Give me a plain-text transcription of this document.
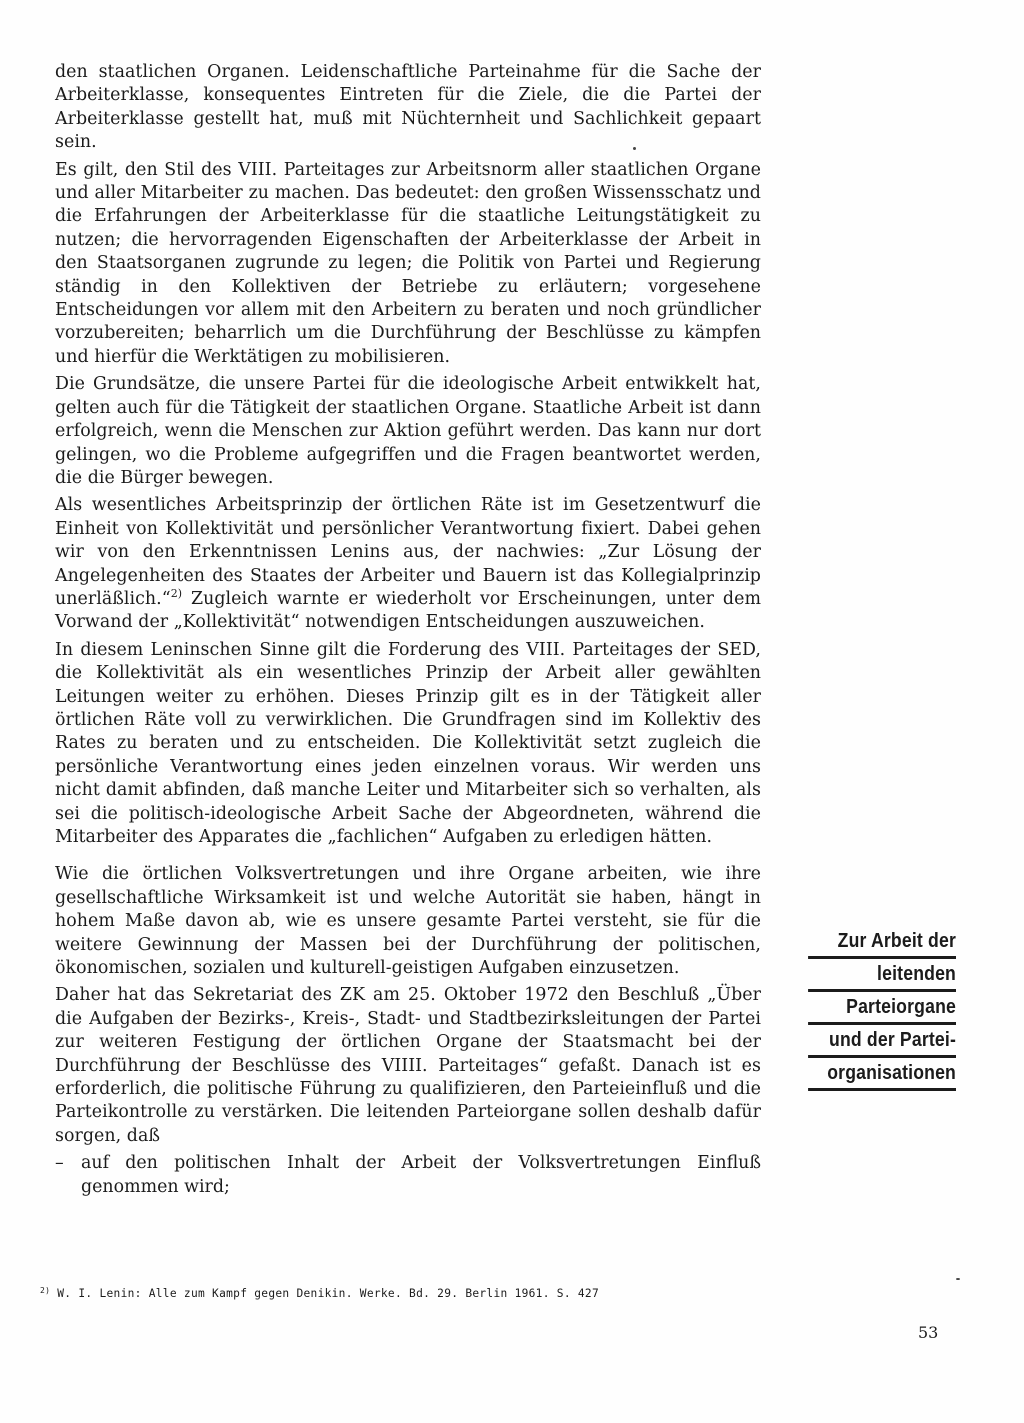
den staatlichen Organen. Leidenschaftliche Parteinahme für die Sache der Arbeiterklasse, konsequentes Eintreten für die Ziele, die die Partei der Arbeiterklasse gestellt hat, muß mit Nüchternheit und Sachlichkeit gepaart sein.

Es gilt, den Stil des VIII. Parteitages zur Arbeitsnorm aller staatlichen Organe und aller Mitarbeiter zu machen. Das bedeutet: den großen Wissensschatz und die Erfahrungen der Arbeiterklasse für die staatliche Leitungstätigkeit zu nutzen; die hervorragenden Eigenschaften der Arbeiterklasse der Arbeit in den Staatsorganen zugrunde zu legen; die Politik von Partei und Regierung ständig in den Kollektiven der Betriebe zu erläutern; vorgesehene Entscheidungen vor allem mit den Arbeitern zu beraten und noch gründlicher vorzubereiten; beharrlich um die Durchführung der Beschlüsse zu kämpfen und hierfür die Werktätigen zu mobilisieren.

Die Grundsätze, die unsere Partei für die ideologische Arbeit entwikkelt hat, gelten auch für die Tätigkeit der staatlichen Organe. Staatliche Arbeit ist dann erfolgreich, wenn die Menschen zur Aktion geführt werden. Das kann nur dort gelingen, wo die Probleme aufgegriffen und die Fragen beantwortet werden, die die Bürger bewegen.

Als wesentliches Arbeitsprinzip der örtlichen Räte ist im Gesetzentwurf die Einheit von Kollektivität und persönlicher Verantwortung fixiert. Dabei gehen wir von den Erkenntnissen Lenins aus, der nachwies: „Zur Lösung der Angelegenheiten des Staates der Arbeiter und Bauern ist das Kollegialprinzip unerläßlich.“$^{2)}$ Zugleich warnte er wiederholt vor Erscheinungen, unter dem Vorwand der „Kollektivität“ notwendigen Entscheidungen auszuweichen.

In diesem Leninschen Sinne gilt die Forderung des VIII. Parteitages der SED, die Kollektivität als ein wesentliches Prinzip der Arbeit aller gewählten Leitungen weiter zu erhöhen. Dieses Prinzip gilt es in der Tätigkeit aller örtlichen Räte voll zu verwirklichen. Die Grundfragen sind im Kollektiv des Rates zu beraten und zu entscheiden. Die Kollektivität setzt zugleich die persönliche Verantwortung eines jeden einzelnen voraus. Wir werden uns nicht damit abfinden, daß manche Leiter und Mitarbeiter sich so verhalten, als sei die politisch-ideologische Arbeit Sache der Abgeordneten, während die Mitarbeiter des Apparates die „fachlichen“ Aufgaben zu erledigen hätten.

Wie die örtlichen Volksvertretungen und ihre Organe arbeiten, wie ihre gesellschaftliche Wirksamkeit ist und welche Autorität sie haben, hängt in hohem Maße davon ab, wie es unsere gesamte Partei versteht, sie für die weitere Gewinnung der Massen bei der Durchführung der politischen, ökonomischen, sozialen und kulturell-geistigen Aufgaben einzusetzen.

Daher hat das Sekretariat des ZK am 25. Oktober 1972 den Beschluß „Über die Aufgaben der Bezirks-, Kreis-, Stadt- und Stadtbezirksleitungen der Partei zur weiteren Festigung der örtlichen Organe der Staatsmacht bei der Durchführung der Beschlüsse des VIIII. Parteitages“ gefaßt. Danach ist es erforderlich, die politische Führung zu qualifizieren, den Parteieinfluß und die Parteikontrolle zu verstärken. Die leitenden Parteiorgane sollen deshalb dafür sorgen, daß

– auf den politischen Inhalt der Arbeit der Volksvertretungen Einfluß genommen wird;
Zur Arbeit der
leitenden
Parteiorgane
und der Partei-
organisationen
$^{2)}$ W. I. Lenin: Alle zum Kampf gegen Denikin. Werke. Bd. 29. Berlin 1961. S. 427
53
